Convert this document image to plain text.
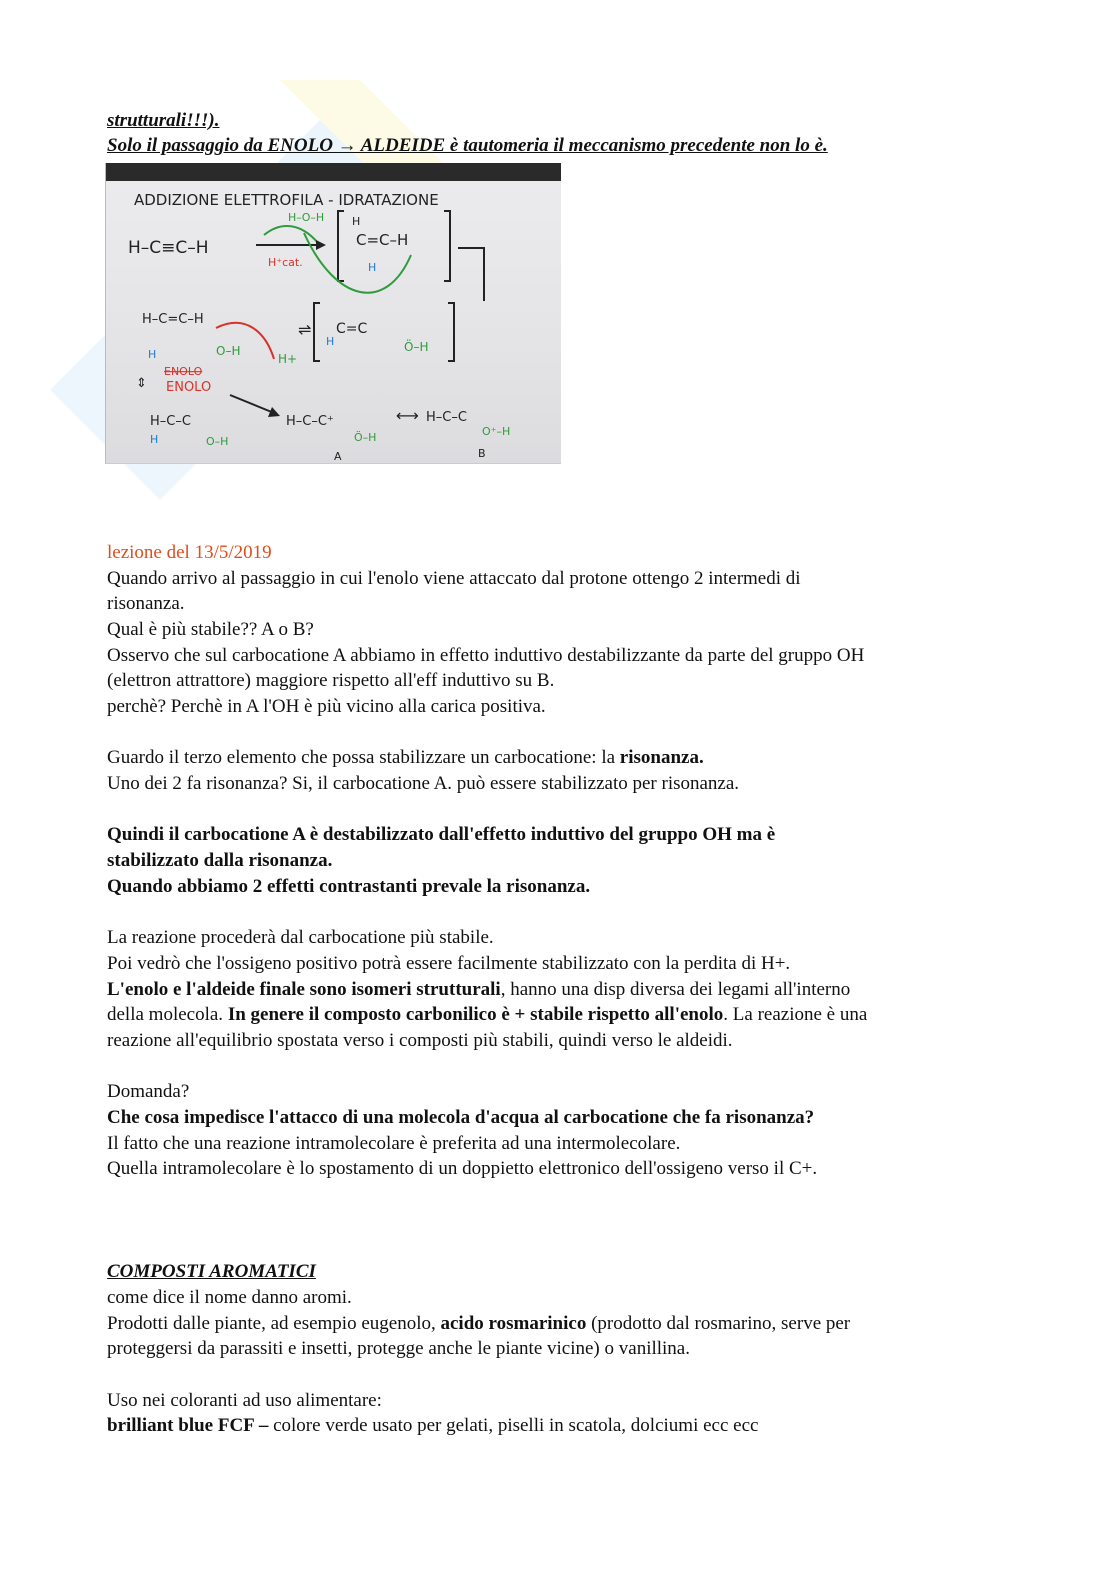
strutturali!!!).
Solo il passaggio da ENOLO → ALDEIDE è tautomeria il meccanismo precedente non lo è.
ADDIZIONE ELETTROFILA - IDRATAZIONE
H–C≡C–H
H–O–H
H⁺cat.
C=C–H
H
H
H–C=C–H
H	O–H
H+
⇌ C=C
H	Ö–H
⇕
ENOLO
ENOLO
H–C–C
H	O–H
H–C–C⁺
Ö–H
A
⟷ H–C–C
O⁺–H
B
lezione del 13/5/2019
Quando arrivo al passaggio in cui l'enolo viene attaccato dal protone ottengo 2 intermedi di
risonanza.
Qual è più stabile?? A o B?
Osservo che sul carbocatione A abbiamo in effetto induttivo destabilizzante da parte del gruppo OH
(elettron attrattore) maggiore rispetto all'eff induttivo su B.
perchè? Perchè in A l'OH è più vicino alla carica positiva.
Guardo il terzo elemento che possa stabilizzare un carbocatione: la risonanza.
Uno dei 2 fa risonanza? Si, il carbocatione A. può essere stabilizzato per risonanza.
Quindi il carbocatione A è destabilizzato dall'effetto induttivo del gruppo OH ma è
stabilizzato dalla risonanza.
Quando abbiamo 2 effetti contrastanti prevale la risonanza.
La reazione procederà dal carbocatione più stabile.
Poi vedrò che l'ossigeno positivo potrà essere facilmente stabilizzato con la perdita di H+.
L'enolo e l'aldeide finale sono isomeri strutturali, hanno una disp diversa dei legami all'interno
della molecola. In genere il composto carbonilico è + stabile rispetto all'enolo. La reazione è una
reazione all'equilibrio spostata verso i composti più stabili, quindi verso le aldeidi.
Domanda?
Che cosa impedisce l'attacco di una molecola d'acqua al carbocatione che fa risonanza?
Il fatto che una reazione intramolecolare è preferita ad una intermolecolare.
Quella intramolecolare è lo spostamento di un doppietto elettronico dell'ossigeno verso il C+.
COMPOSTI AROMATICI
come dice il nome danno aromi.
Prodotti dalle piante, ad esempio eugenolo, acido rosmarinico (prodotto dal rosmarino, serve per
proteggersi da parassiti e insetti, protegge anche le piante vicine) o vanillina.
Uso nei coloranti ad uso alimentare:
brilliant blue FCF – colore verde usato per gelati, piselli in scatola, dolciumi ecc ecc
